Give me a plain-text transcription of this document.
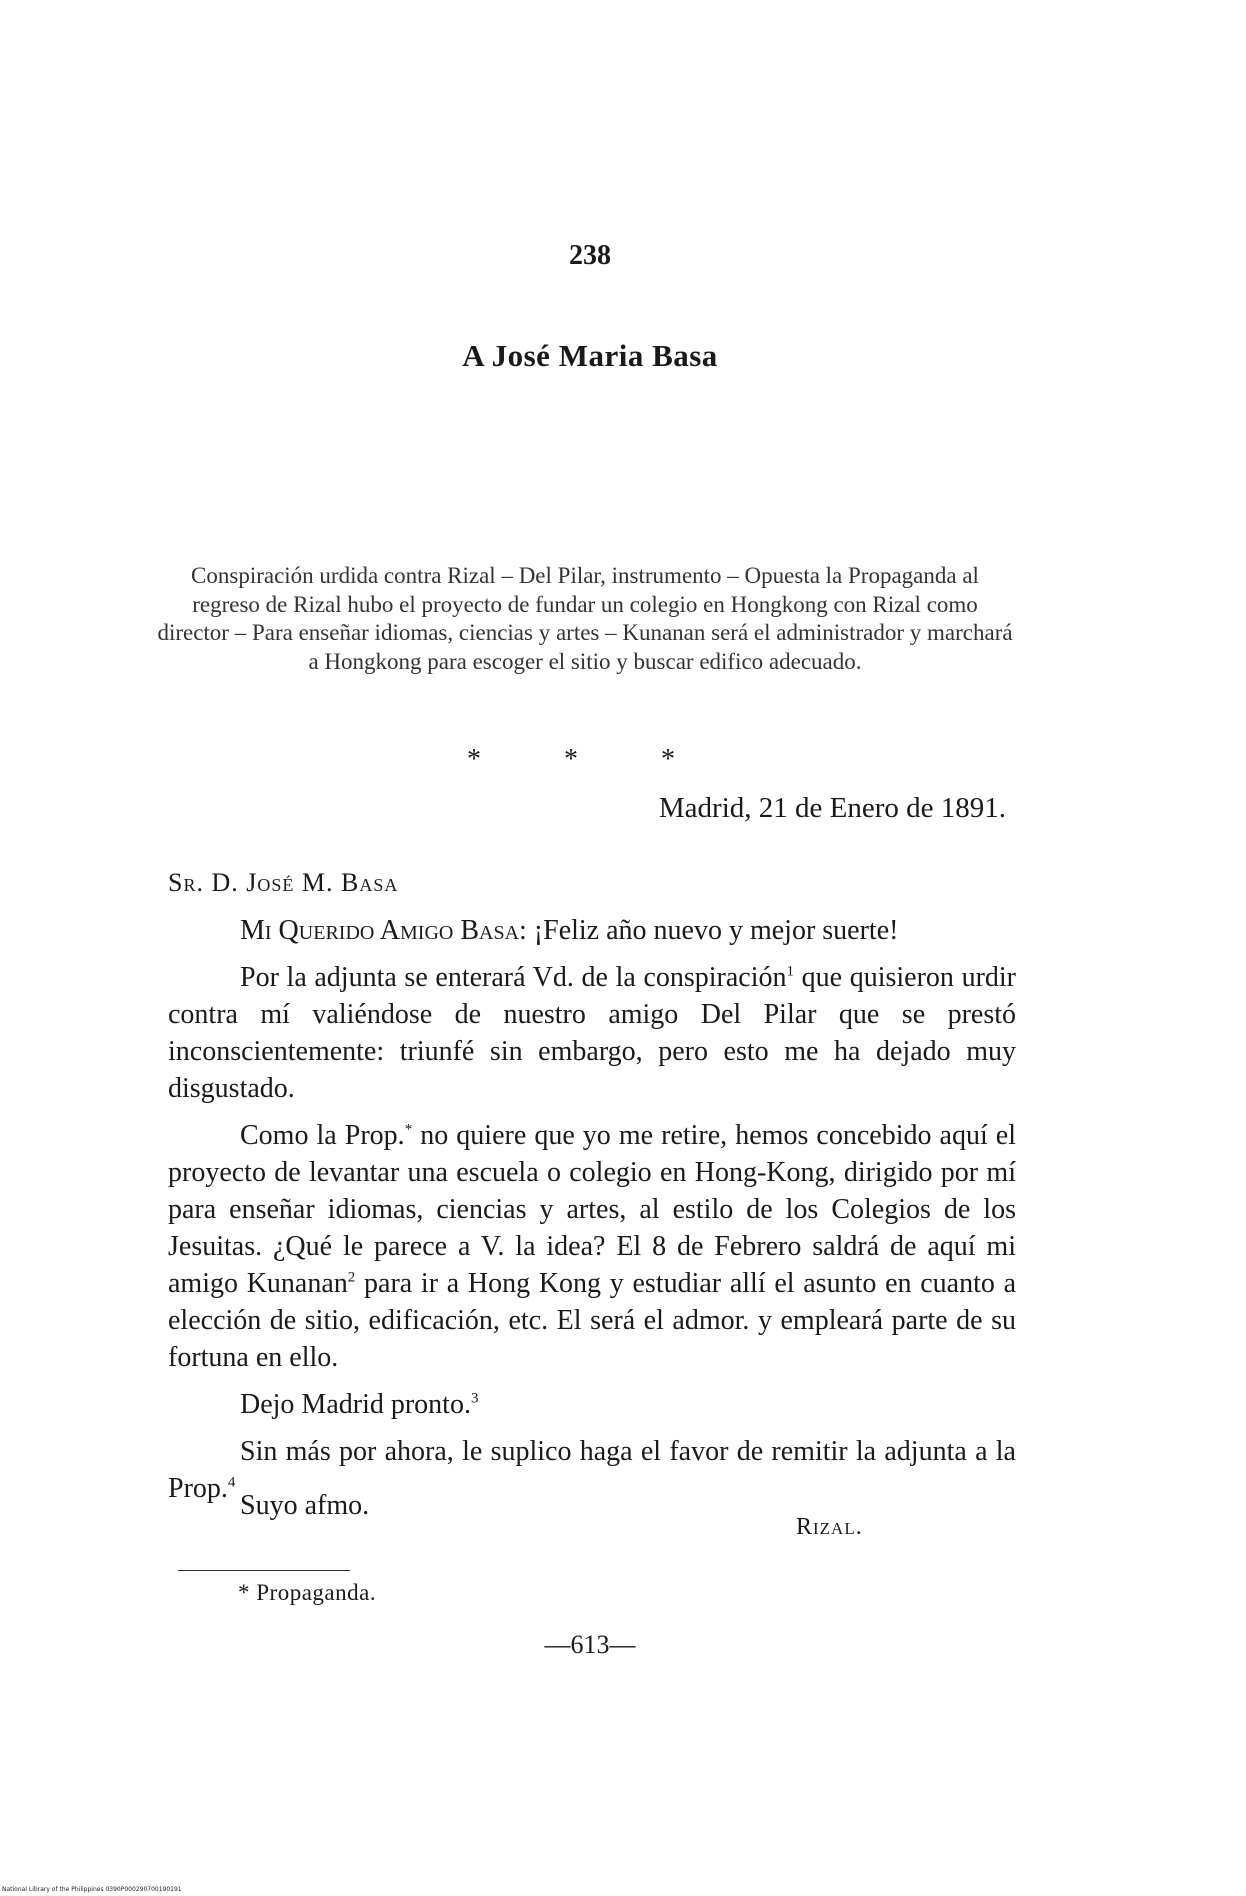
238
A José Maria Basa
Conspiración urdida contra Rizal – Del Pilar, instrumento – Opuesta la Propaganda al regreso de Rizal hubo el proyecto de fundar un colegio en Hongkong con Rizal como director – Para enseñar idiomas, ciencias y artes – Kunanan será el administrador y marchará a Hongkong para escoger el sitio y buscar edifico adecuado.
* * *
Madrid, 21 de Enero de 1891.
Sr. D. José M. Basa

Mi Querido Amigo Basa: ¡Feliz año nuevo y mejor suerte!

Por la adjunta se enterará Vd. de la conspiración$^1$ que quisieron urdir contra mí valiéndose de nuestro amigo Del Pilar que se prestó inconscientemente: triunfé sin embargo, pero esto me ha dejado muy disgustado.

Como la Prop.* no quiere que yo me retire, hemos concebido aquí el proyecto de levantar una escuela o colegio en Hong-Kong, dirigido por mí para enseñar idiomas, ciencias y artes, al estilo de los Colegios de los Jesuitas. ¿Qué le parece a V. la idea? El 8 de Febrero saldrá de aquí mi amigo Kunanan$^2$ para ir a Hong Kong y estudiar allí el asunto en cuanto a elección de sitio, edificación, etc. El será el admor. y empleará parte de su fortuna en ello.

Dejo Madrid pronto.$^3$

Sin más por ahora, le suplico haga el favor de remitir la adjunta a la Prop.$^4$

Suyo afmo.
Rizal.
* Propaganda.
—613—
National Library of the Philippines 0390P000290700190191
